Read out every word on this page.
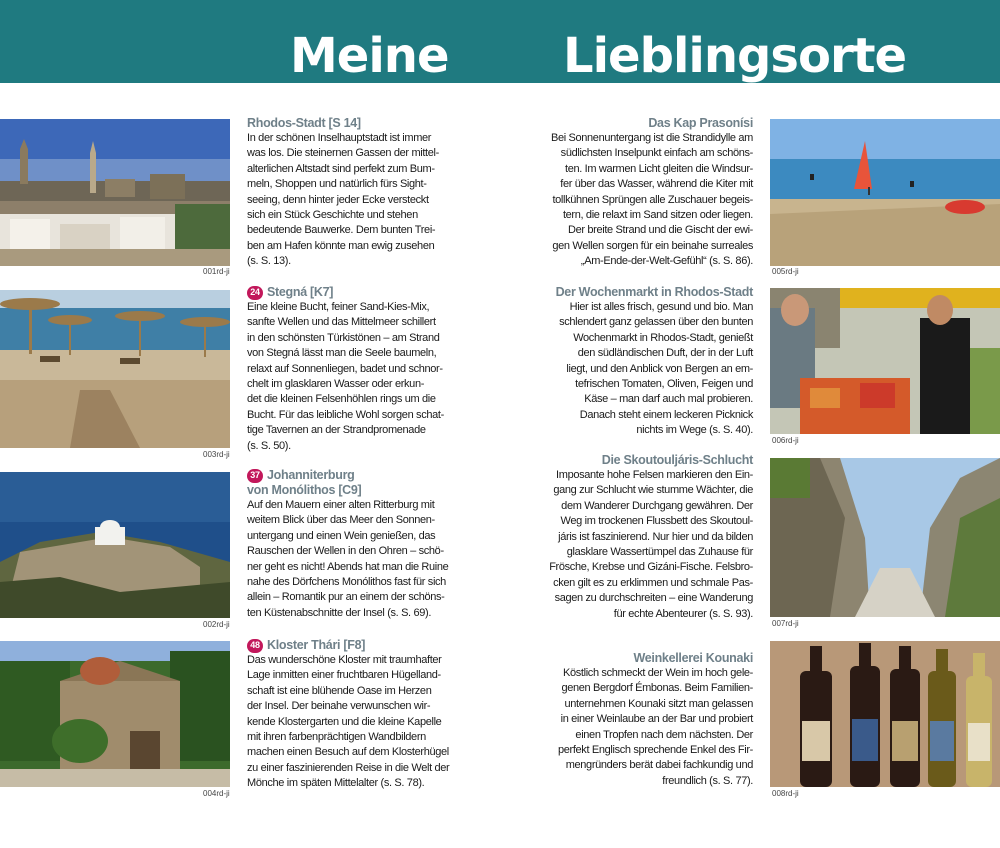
Meine Lieblingsorte
001rd-ji
003rd-ji
002rd-ji
004rd-ji
005rd-ji
006rd-ji
007rd-ji
008rd-ji
Rhodos-Stadt [S 14]
In der schönen Inselhauptstadt ist immer
was los. Die steinernen Gassen der mittel-
alterlichen Altstadt sind perfekt zum Bum-
meln, Shoppen und natürlich fürs Sight-
seeing, denn hinter jeder Ecke versteckt
sich ein Stück Geschichte und stehen
bedeutende Bauwerke. Dem bunten Trei-
ben am Hafen könnte man ewig zusehen
(s. S. 13).
24 Stegná [K7]
Eine kleine Bucht, feiner Sand-Kies-Mix,
sanfte Wellen und das Mittelmeer schillert
in den schönsten Türkistönen – am Strand
von Stegná lässt man die Seele baumeln,
relaxt auf Sonnenliegen, badet und schnor-
chelt im glasklaren Wasser oder erkun-
det die kleinen Felsenhöhlen rings um die
Bucht. Für das leibliche Wohl sorgen schat-
tige Tavernen an der Strandpromenade
(s. S. 50).
37 Johanniterburg
von Monólithos [C9]
Auf den Mauern einer alten Ritterburg mit
weitem Blick über das Meer den Sonnen-
untergang und einen Wein genießen, das
Rauschen der Wellen in den Ohren – schö-
ner geht es nicht! Abends hat man die Ruine
nahe des Dörfchens Monólithos fast für sich
allein – Romantik pur an einem der schöns-
ten Küstenabschnitte der Insel (s. S. 69).
48 Kloster Thári [F8]
Das wunderschöne Kloster mit traumhafter
Lage inmitten einer fruchtbaren Hügelland-
schaft ist eine blühende Oase im Herzen
der Insel. Der beinahe verwunschen wir-
kende Klostergarten und die kleine Kapelle
mit ihren farbenprächtigen Wandbildern
machen einen Besuch auf dem Klosterhügel
zu einer faszinierenden Reise in die Welt der
Mönche im späten Mittelalter (s. S. 78).
Das Kap Prasonísi
Bei Sonnenuntergang ist die Strandidylle am
südlichsten Inselpunkt einfach am schöns-
ten. Im warmen Licht gleiten die Windsur-
fer über das Wasser, während die Kiter mit
tollkühnen Sprüngen alle Zuschauer begeis-
tern, die relaxt im Sand sitzen oder liegen.
Der breite Strand und die Gischt der ewi-
gen Wellen sorgen für ein beinahe surreales
„Am-Ende-der-Welt-Gefühl“ (s. S. 86).
Der Wochenmarkt in Rhodos-Stadt
Hier ist alles frisch, gesund und bio. Man
schlendert ganz gelassen über den bunten
Wochenmarkt in Rhodos-Stadt, genießt
den südländischen Duft, der in der Luft
liegt, und den Anblick von Bergen an em-
tefrischen Tomaten, Oliven, Feigen und
Käse – man darf auch mal probieren.
Danach steht einem leckeren Picknick
nichts im Wege (s. S. 40).
Die Skoutouljáris-Schlucht
Imposante hohe Felsen markieren den Ein-
gang zur Schlucht wie stumme Wächter, die
dem Wanderer Durchgang gewähren. Der
Weg im trockenen Flussbett des Skoutoul-
járis ist faszinierend. Nur hier und da bilden
glasklare Wassertümpel das Zuhause für
Frösche, Krebse und Gizáni-Fische. Felsbro-
cken gilt es zu erklimmen und schmale Pas-
sagen zu durchschreiten – eine Wanderung
für echte Abenteurer (s. S. 93).
Weinkellerei Kounaki
Köstlich schmeckt der Wein im hoch gele-
genen Bergdorf Émbonas. Beim Familien-
unternehmen Kounaki sitzt man gelassen
in einer Weinlaube an der Bar und probiert
einen Tropfen nach dem nächsten. Der
perfekt Englisch sprechende Enkel des Fir-
mengründers berät dabei fachkundig und
freundlich (s. S. 77).
